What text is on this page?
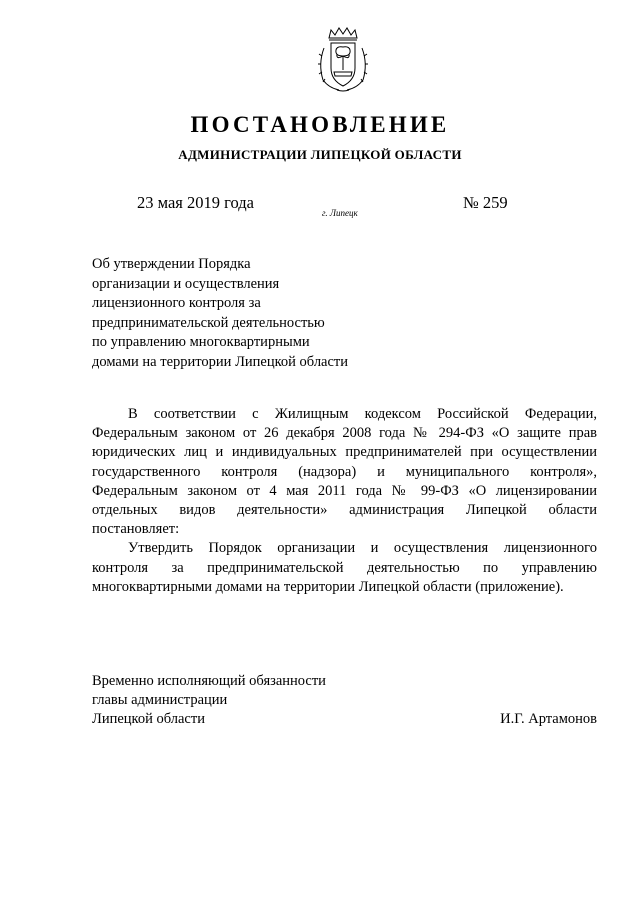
ПОСТАНОВЛЕНИЕ
АДМИНИСТРАЦИИ ЛИПЕЦКОЙ ОБЛАСТИ
23 мая 2019 года
г. Липецк
№ 259
Об утверждении Порядка
организации и осуществления
лицензионного контроля за
предпринимательской деятельностью
по управлению многоквартирными
домами на территории Липецкой области

В соответствии с Жилищным кодексом Российской Федерации, Федеральным законом от 26 декабря 2008 года № 294-ФЗ «О защите прав юридических лиц и индивидуальных предпринимателей при осуществлении государственного контроля (надзора) и муниципального контроля», Федеральным законом от 4 мая 2011 года № 99-ФЗ «О лицензировании отдельных видов деятельности» администрация Липецкой области постановляет:

Утвердить Порядок организации и осуществления лицензионного контроля за предпринимательской деятельностью по управлению многоквартирными домами на территории Липецкой области (приложение).

Временно исполняющий обязанности
главы администрации
Липецкой области	И.Г. Артамонов
